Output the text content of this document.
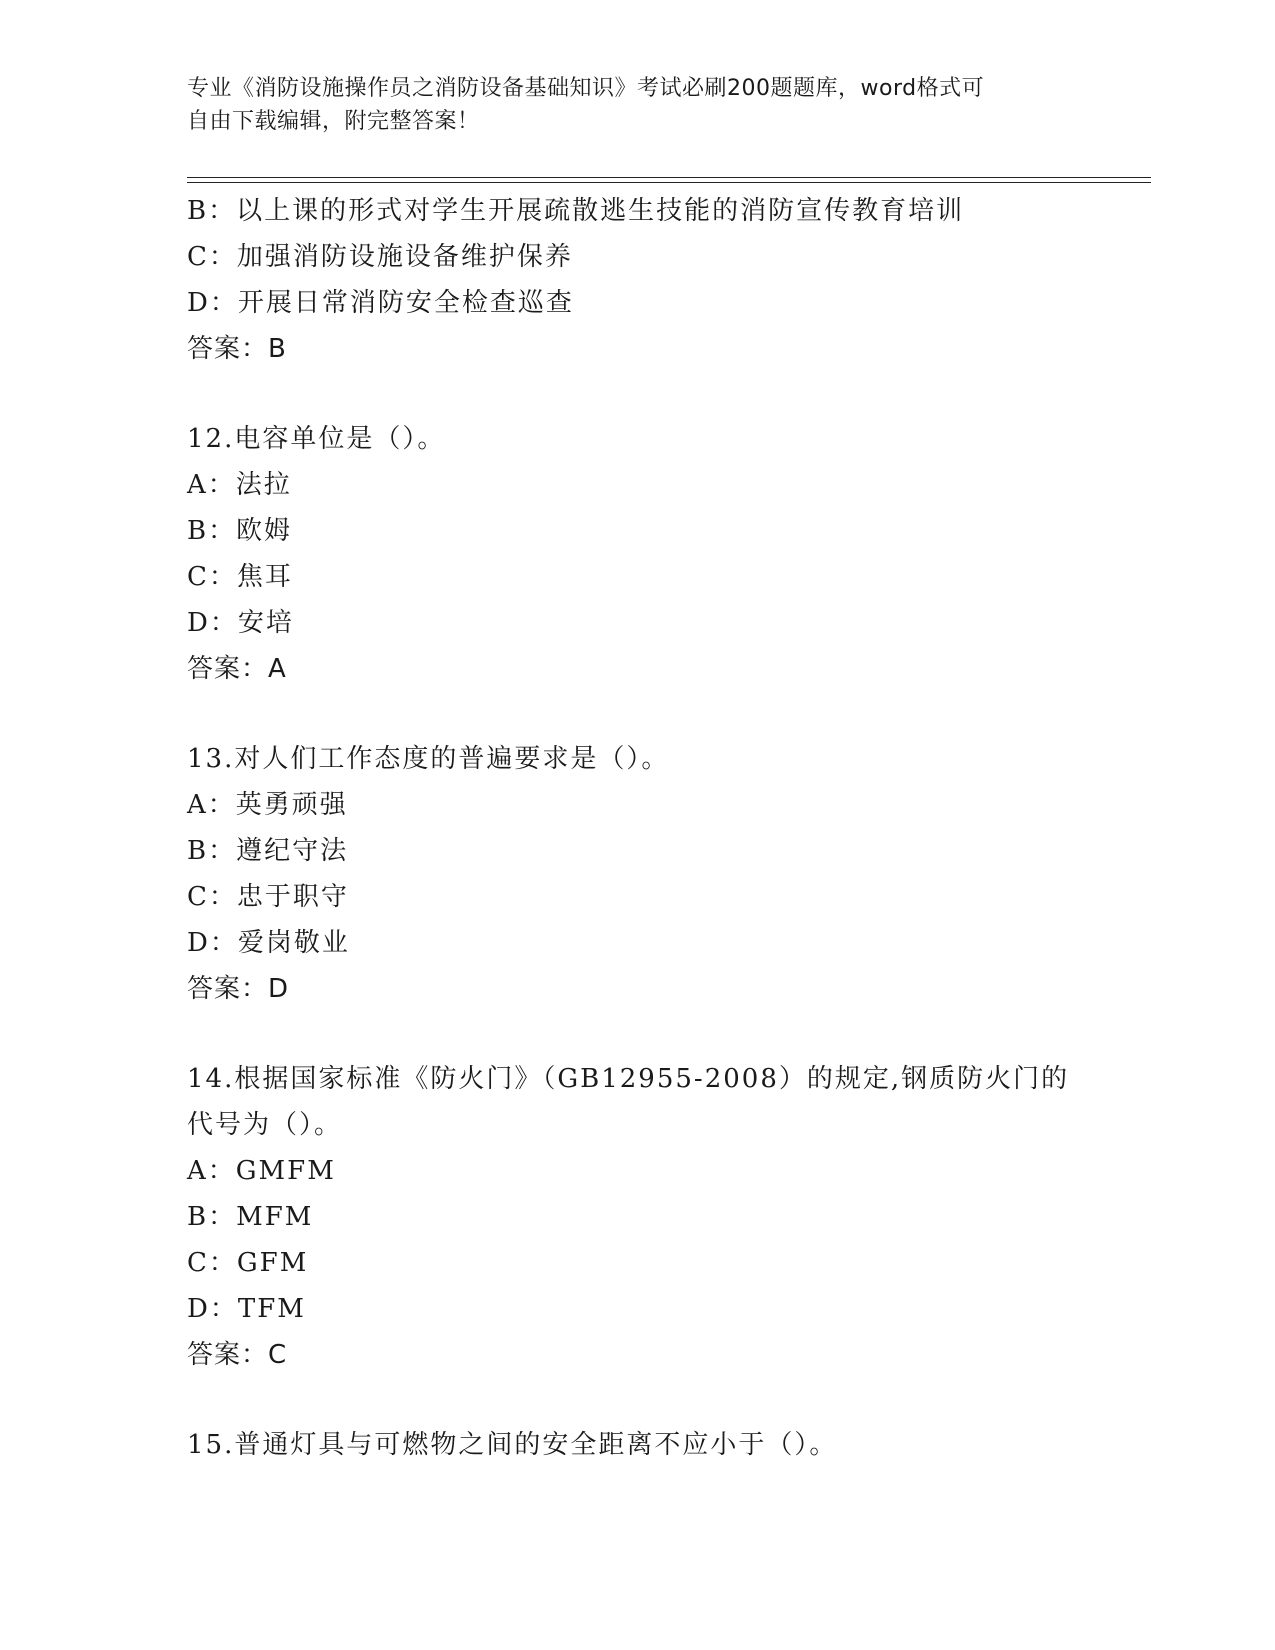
专业《消防设施操作员之消防设备基础知识》考试必刷200题题库，word格式可
自由下载编辑，附完整答案！
B：以上课的形式对学生开展疏散逃生技能的消防宣传教育培训
C：加强消防设施设备维护保养
D：开展日常消防安全检查巡查
答案：B
12.电容单位是（）。
A：法拉
B：欧姆
C：焦耳
D：安培
答案：A
13.对人们工作态度的普遍要求是（）。
A：英勇顽强
B：遵纪守法
C：忠于职守
D：爱岗敬业
答案：D
14.根据国家标准《防火门》（GB12955-2008）的规定,钢质防火门的
代号为（）。
A：GMFM
B：MFM
C：GFM
D：TFM
答案：C
15.普通灯具与可燃物之间的安全距离不应小于（）。
